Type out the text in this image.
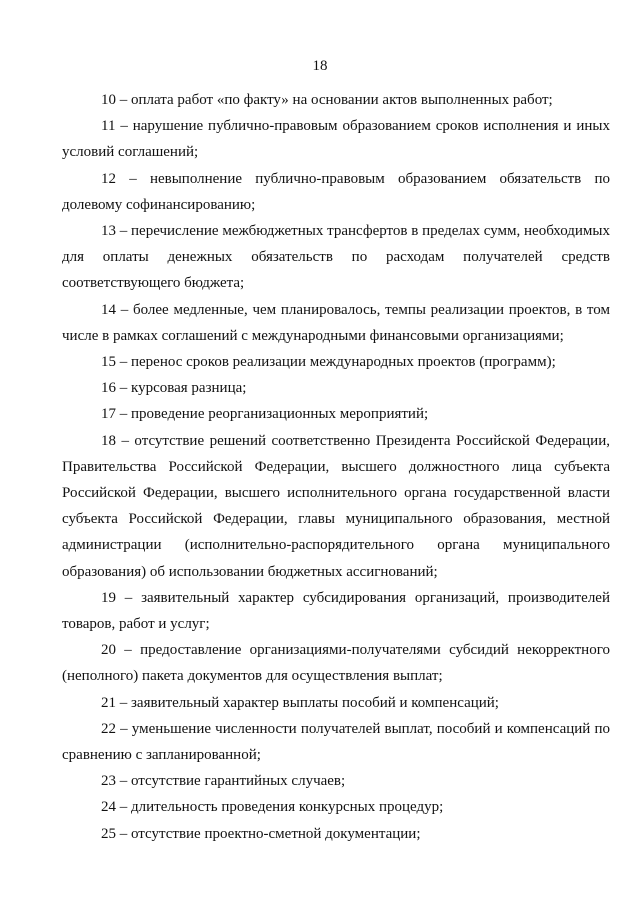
18

10 – оплата работ «по факту» на основании актов выполненных работ;

11 – нарушение публично-правовым образованием сроков исполнения и иных условий соглашений;

12 – невыполнение публично-правовым образованием обязательств по долевому софинансированию;

13 – перечисление межбюджетных трансфертов в пределах сумм, необходимых для оплаты денежных обязательств по расходам получателей средств соответствующего бюджета;

14 – более медленные, чем планировалось, темпы реализации проектов, в том числе в рамках соглашений с международными финансовыми организациями;

15 – перенос сроков реализации международных проектов (программ);

16 – курсовая разница;

17 – проведение реорганизационных мероприятий;

18 – отсутствие решений соответственно Президента Российской Федерации, Правительства Российской Федерации, высшего должностного лица субъекта Российской Федерации, высшего исполнительного органа государственной власти субъекта Российской Федерации, главы муниципального образования, местной администрации (исполнительно-распорядительного органа муниципального образования) об использовании бюджетных ассигнований;

19 – заявительный характер субсидирования организаций, производителей товаров, работ и услуг;

20 – предоставление организациями-получателями субсидий некорректного (неполного) пакета документов для осуществления выплат;

21 – заявительный характер выплаты пособий и компенсаций;

22 – уменьшение численности получателей выплат, пособий и компенсаций по сравнению с запланированной;

23 – отсутствие гарантийных случаев;

24 – длительность проведения конкурсных процедур;

25 – отсутствие проектно-сметной документации;
